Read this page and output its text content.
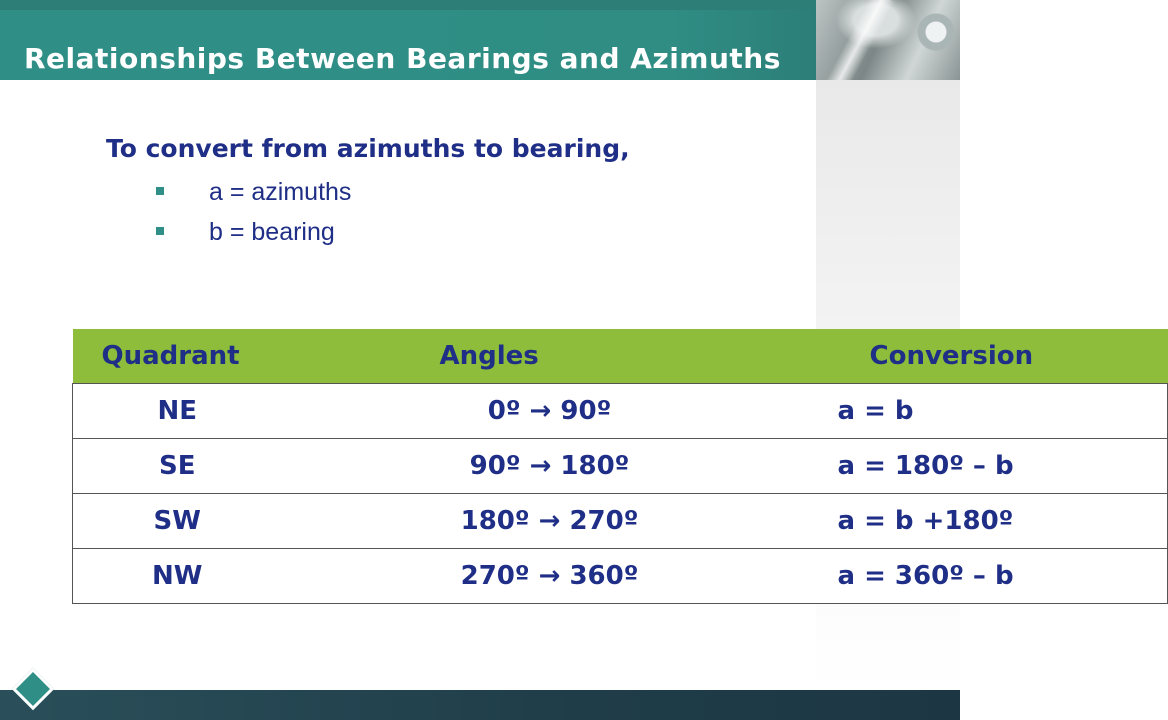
Relationships Between Bearings and Azimuths
To convert from azimuths to bearing,
a = azimuths
b = bearing
Quadrant	Angles	Conversion
NE	0º → 90º	a = b
SE	90º → 180º	a = 180º – b
SW	180º → 270º	a = b +180º
NW	270º → 360º	a = 360º – b
